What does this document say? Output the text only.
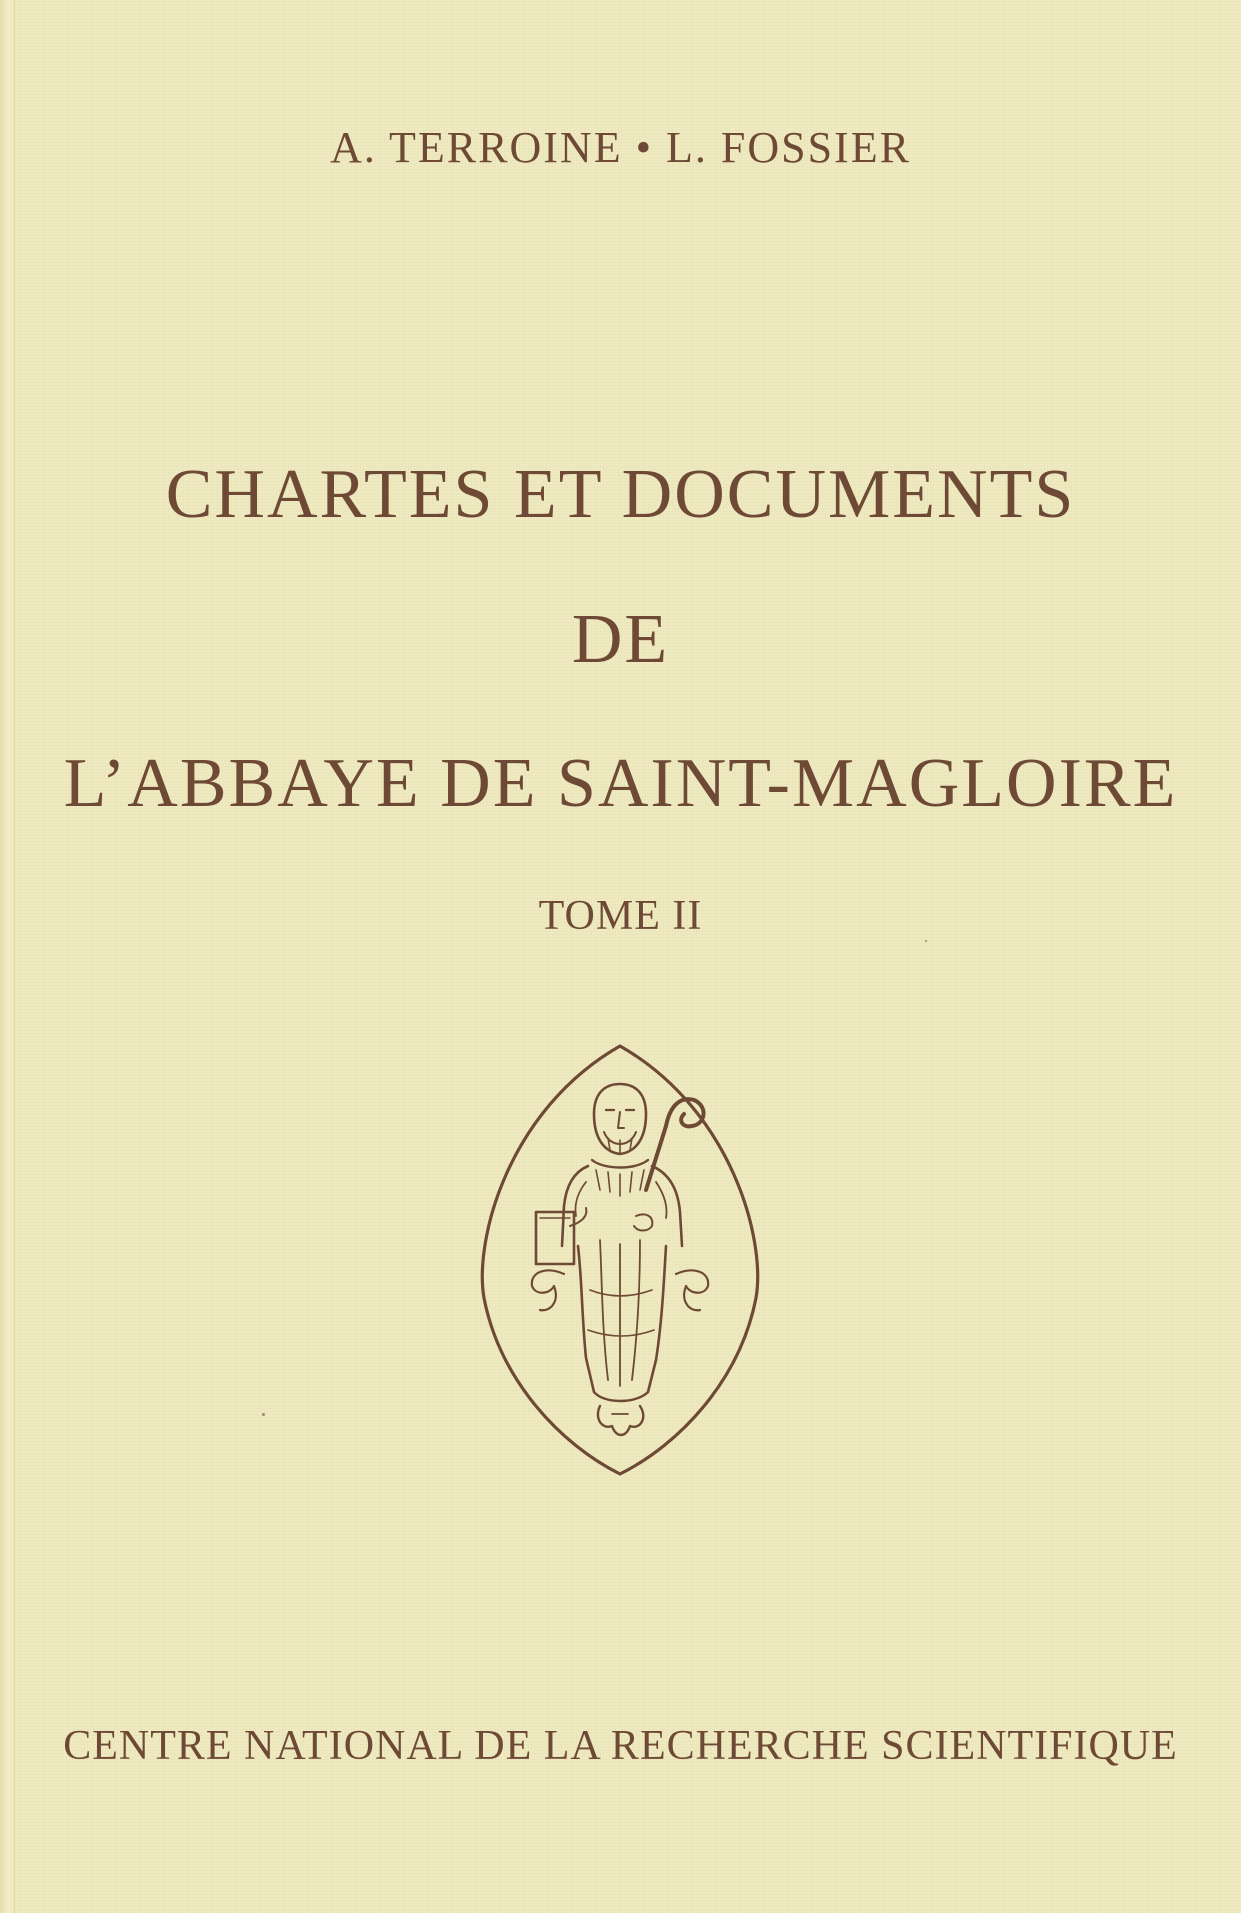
A. TERROINE • L. FOSSIER
CHARTES ET DOCUMENTS
DE
L’ABBAYE DE SAINT-MAGLOIRE
TOME II
CENTRE NATIONAL DE LA RECHERCHE SCIENTIFIQUE
